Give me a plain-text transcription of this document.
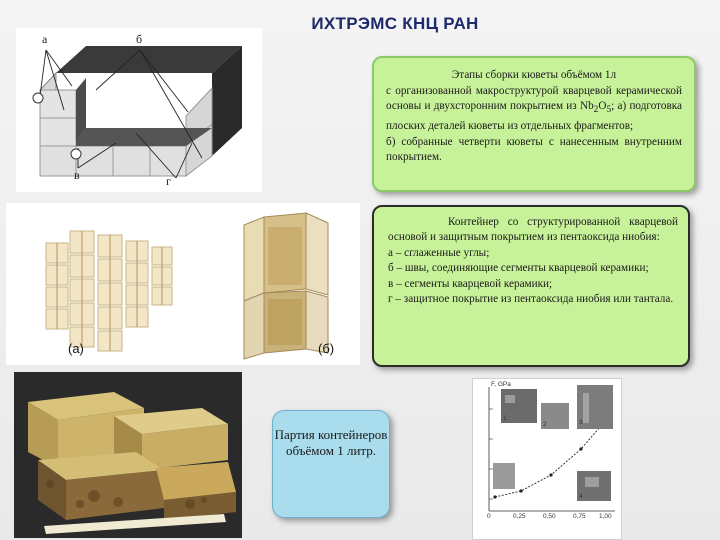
ИХТРЭМС КНЦ РАН
а	б
в	г
Этапы сборки кюветы объёмом 1л
с организованной макроструктурой кварцевой керамической основы и двухсторонним покрытием из $Nb_2O_5$; а) подготовка плоских деталей кюветы из отдельных фрагментов;
б) собранные четверти кюветы с нанесенным внутренним покрытием.
(а)	(б)
Контейнер со структурированной кварцевой основой и защитным покрытием из пентаоксида ниобия:
а – сглаженные углы;
б – швы, соединяющие сегменты кварцевой керамики;
в – сегменты кварцевой керамики;
г – защитное покрытие из пентаоксида ниобия или тантала.
Партия контейнеров объёмом 1 литр.
F, GPa
0	0,25	0,50	0,75 1,00
1
2	3
4
